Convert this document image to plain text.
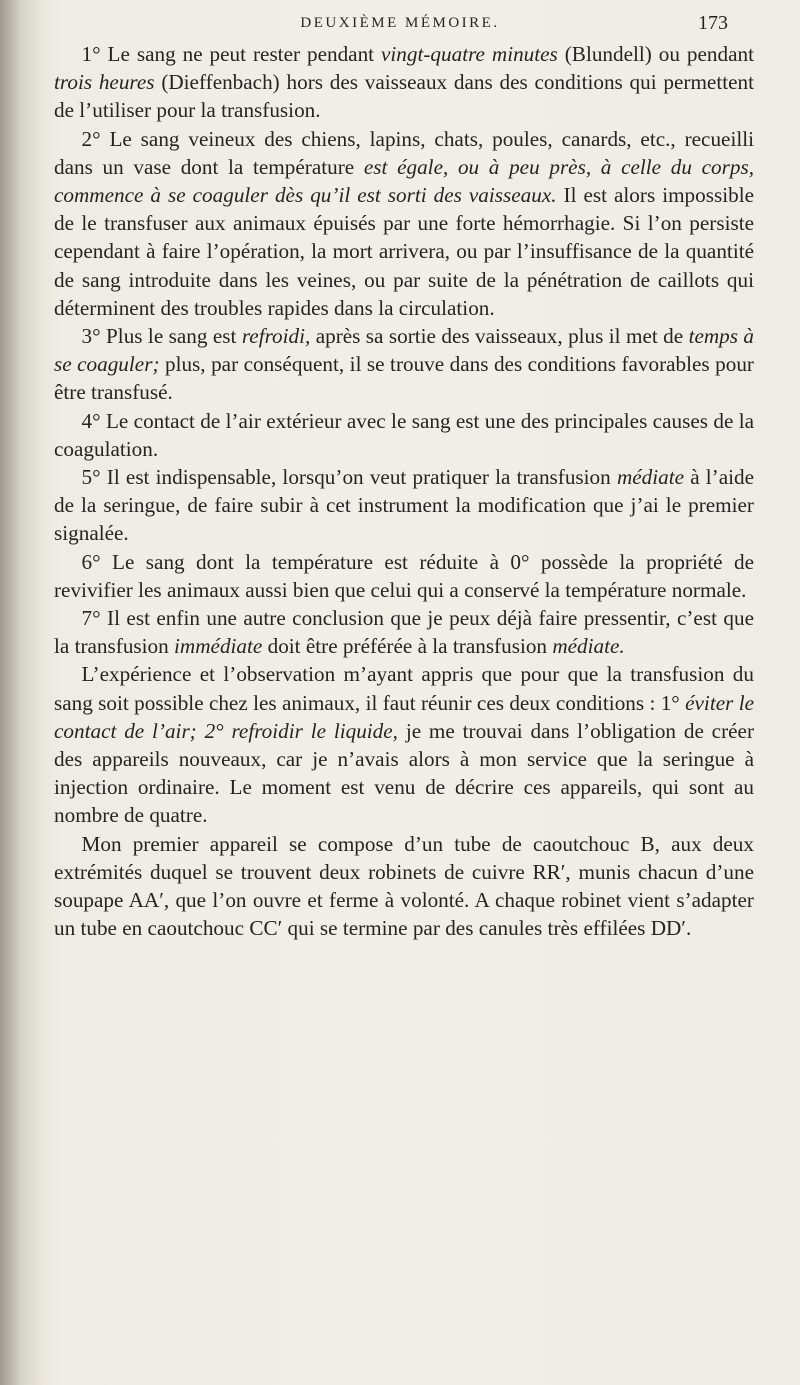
DEUXIÈME MÉMOIRE.	173

1° Le sang ne peut rester pendant vingt-quatre minutes (Blundell) ou pendant trois heures (Dieffenbach) hors des vaisseaux dans des conditions qui permettent de l’utiliser pour la transfusion.

2° Le sang veineux des chiens, lapins, chats, poules, canards, etc., recueilli dans un vase dont la température est égale, ou à peu près, à celle du corps, commence à se coaguler dès qu’il est sorti des vaisseaux. Il est alors impossible de le transfuser aux animaux épuisés par une forte hémorrhagie. Si l’on persiste cependant à faire l’opération, la mort arrivera, ou par l’insuffisance de la quantité de sang introduite dans les veines, ou par suite de la pénétration de caillots qui déterminent des troubles rapides dans la circulation.

3° Plus le sang est refroidi, après sa sortie des vaisseaux, plus il met de temps à se coaguler; plus, par conséquent, il se trouve dans des conditions favorables pour être transfusé.

4° Le contact de l’air extérieur avec le sang est une des principales causes de la coagulation.

5° Il est indispensable, lorsqu’on veut pratiquer la transfusion médiate à l’aide de la seringue, de faire subir à cet instrument la modification que j’ai le premier signalée.

6° Le sang dont la température est réduite à 0° possède la propriété de revivifier les animaux aussi bien que celui qui a conservé la température normale.

7° Il est enfin une autre conclusion que je peux déjà faire pressentir, c’est que la transfusion immédiate doit être préférée à la transfusion médiate.

L’expérience et l’observation m’ayant appris que pour que la transfusion du sang soit possible chez les animaux, il faut réunir ces deux conditions : 1° éviter le contact de l’air; 2° refroidir le liquide, je me trouvai dans l’obligation de créer des appareils nouveaux, car je n’avais alors à mon service que la seringue à injection ordinaire. Le moment est venu de décrire ces appareils, qui sont au nombre de quatre.

Mon premier appareil se compose d’un tube de caoutchouc B, aux deux extrémités duquel se trouvent deux robinets de cuivre RR′, munis chacun d’une soupape AA′, que l’on ouvre et ferme à volonté. A chaque robinet vient s’adapter un tube en caoutchouc CC′ qui se termine par des canules très effilées DD′.
